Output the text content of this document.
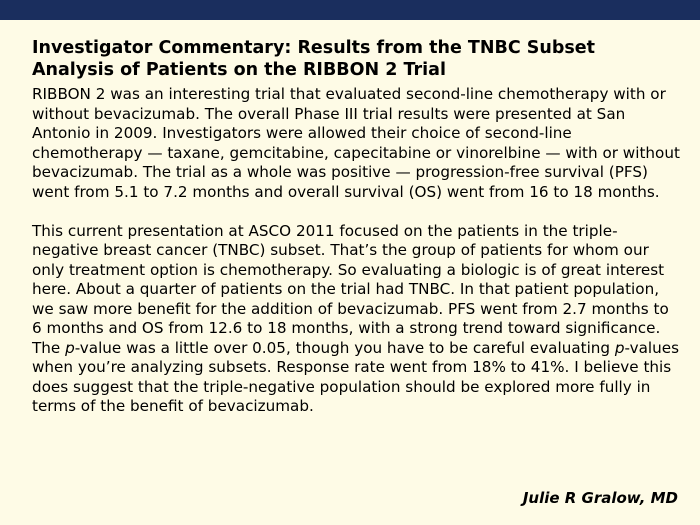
Investigator Commentary: Results from the TNBC Subset
Analysis of Patients on the RIBBON 2 Trial

RIBBON 2 was an interesting trial that evaluated second-line chemotherapy with or without bevacizumab. The overall Phase III trial results were presented at San Antonio in 2009. Investigators were allowed their choice of second-line chemotherapy — taxane, gemcitabine, capecitabine or vinorelbine — with or without bevacizumab. The trial as a whole was positive — progression-free survival (PFS) went from 5.1 to 7.2 months and overall survival (OS) went from 16 to 18 months.

This current presentation at ASCO 2011 focused on the patients in the triple-negative breast cancer (TNBC) subset. That’s the group of patients for whom our only treatment option is chemotherapy. So evaluating a biologic is of great interest here. About a quarter of patients on the trial had TNBC. In that patient population, we saw more benefit for the addition of bevacizumab. PFS went from 2.7 months to 6 months and OS from 12.6 to 18 months, with a strong trend toward significance. The p-value was a little over 0.05, though you have to be careful evaluating p-values when you’re analyzing subsets. Response rate went from 18% to 41%. I believe this does suggest that the triple-negative population should be explored more fully in terms of the benefit of bevacizumab.

Julie R Gralow, MD
